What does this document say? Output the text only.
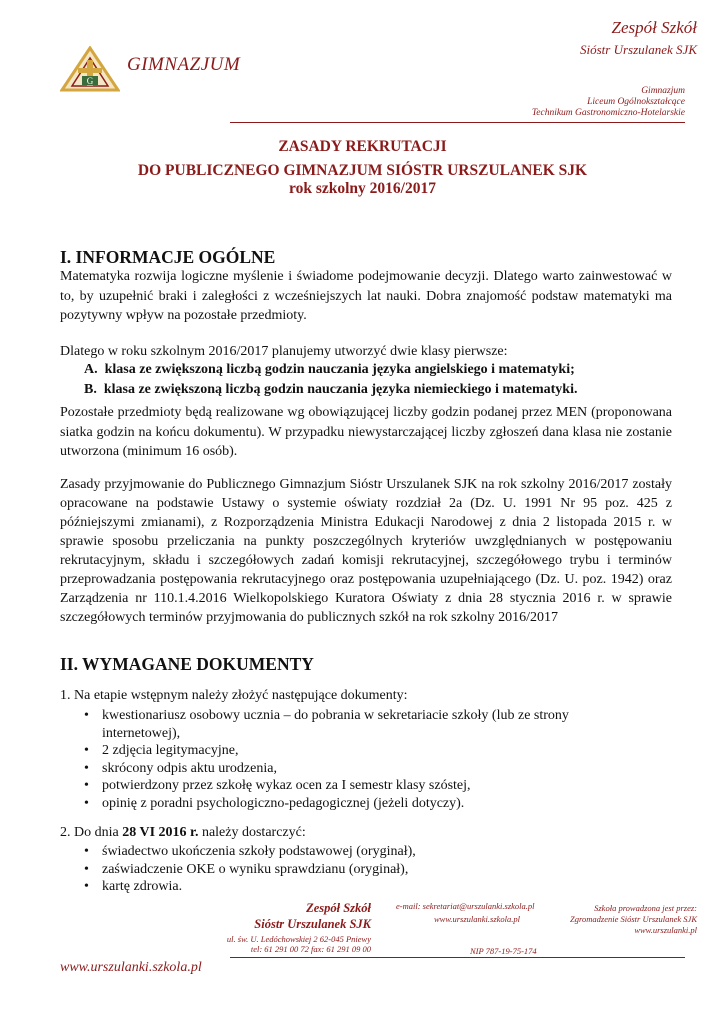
G
GIMNAZJUM
Zespół Szkół
Sióstr Urszulanek SJK
Gimnazjum
Liceum Ogólnokształcące
Technikum Gastronomiczno-Hotelarskie
ZASADY REKRUTACJI
DO PUBLICZNEGO GIMNAZJUM SIÓSTR URSZULANEK SJK
rok szkolny 2016/2017
I. INFORMACJE OGÓLNE
Matematyka rozwija logiczne myślenie i świadome podejmowanie decyzji. Dlatego warto zainwestować w to, by uzupełnić braki i zaległości z wcześniejszych lat nauki. Dobra znajomość podstaw matematyki ma pozytywny wpływ na pozostałe przedmioty.
Dlatego w roku szkolnym 2016/2017 planujemy utworzyć dwie klasy pierwsze:
A.  klasa ze zwiększoną liczbą godzin nauczania języka angielskiego i matematyki;
B.  klasa ze zwiększoną liczbą godzin nauczania języka niemieckiego i matematyki.
Pozostałe przedmioty będą realizowane wg obowiązującej liczby godzin podanej przez MEN (proponowana siatka godzin na końcu dokumentu). W przypadku niewystarczającej liczby zgłoszeń dana klasa nie zostanie utworzona (minimum 16 osób).
Zasady przyjmowanie do Publicznego Gimnazjum Sióstr Urszulanek SJK na rok szkolny 2016/2017 zostały opracowane na podstawie Ustawy o systemie oświaty rozdział 2a (Dz. U. 1991 Nr 95 poz. 425 z późniejszymi zmianami), z Rozporządzenia Ministra Edukacji Narodowej z dnia 2 listopada 2015 r. w sprawie sposobu przeliczania na punkty poszczególnych kryteriów uwzględnianych w postępowaniu rekrutacyjnym, składu i szczegółowych zadań komisji rekrutacyjnej, szczegółowego trybu i terminów przeprowadzania postępowania rekrutacyjnego oraz postępowania uzupełniającego (Dz. U. poz. 1942) oraz Zarządzenia nr 110.1.4.2016 Wielkopolskiego Kuratora Oświaty z dnia 28 stycznia 2016 r. w sprawie szczegółowych terminów przyjmowania do publicznych szkół na rok szkolny 2016/2017
II. WYMAGANE DOKUMENTY
1. Na etapie wstępnym należy złożyć następujące dokumenty:
• kwestionariusz osobowy ucznia – do pobrania w sekretariacie szkoły (lub ze strony internetowej),
• 2 zdjęcia legitymacyjne,
• skrócony odpis aktu urodzenia,
• potwierdzony przez szkołę wykaz ocen za I semestr klasy szóstej,
• opinię z poradni psychologiczno-pedagogicznej (jeżeli dotyczy).
2. Do dnia 28 VI 2016 r. należy dostarczyć:
• świadectwo ukończenia szkoły podstawowej (oryginał),
• zaświadczenie OKE o wyniku sprawdzianu (oryginał),
• kartę zdrowia.
Zespół Szkół
Sióstr Urszulanek SJK
ul. św. U. Ledóchowskiej 2 62-045 Pniewy
tel: 61 291 00 72 fax: 61 291 09 00
e-mail: sekretariat@urszulanki.szkola.pl
www.urszulanki.szkola.pl
NIP 787-19-75-174
Szkoła prowadzona jest przez:
Zgromadzenie Sióstr Urszulanek SJK
www.urszulanki.pl
www.urszulanki.szkola.pl
